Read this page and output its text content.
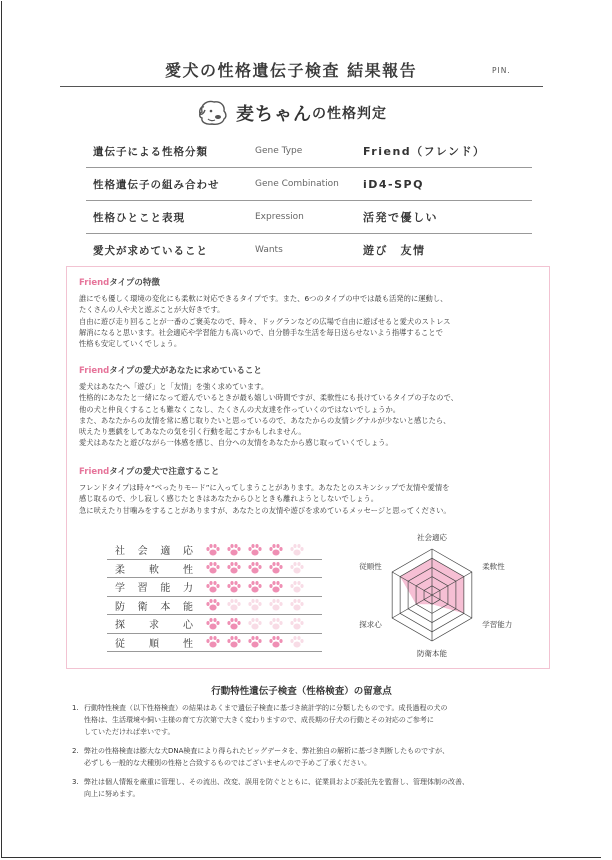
愛犬の性格遺伝子検査 結果報告	PIN.
麦ちゃん の性格判定
遺伝子による性格分類	Gene Type	Friend（フレンド）
性格遺伝子の組み合わせ	Gene Combination	iD4-SPQ
性格ひとこと表現	Expression	活発で優しい
愛犬が求めていること	Wants	遊び　友情
Friendタイプの特徴
誰にでも優しく環境の変化にも柔軟に対応できるタイプです。また、6つのタイプの中では最も活発的に運動し、
たくさんの人や犬と遊ぶことが大好きです。
自由に遊び走り回ることが一番のご褒美なので、時々、ドッグランなどの広場で自由に遊ばせると愛犬のストレス
解消になると思います。社会適応や学習能力も高いので、自分勝手な生活を毎日送らせないよう指導することで
性格も安定していくでしょう。
Friendタイプの愛犬があなたに求めていること
愛犬はあなたへ「遊び」と「友情」を強く求めています。
性格的にあなたと一緒になって遊んでいるときが最も嬉しい時間ですが、柔軟性にも長けているタイプの子なので、
他の犬と仲良くすることも難なくこなし、たくさんの犬友達を作っていくのではないでしょうか。
また、あなたからの友情を常に感じ取りたいと思っているので、あなたからの友情シグナルが少ないと感じたら、
吠えたり悪戯をしてあなたの気を引く行動を起こすかもしれません。
愛犬はあなたと遊びながら一体感を感じ、自分への友情をあなたから感じ取っていくでしょう。
Friendタイプの愛犬で注意すること
フレンドタイプは時々“べったりモード”に入ってしまうことがあります。あなたとのスキンシップで友情や愛情を
感じ取るので、少し寂しく感じたときはあなたからひとときも離れようとしないでしょう。
急に吠えたり甘噛みをすることがありますが、あなたとの友情や遊びを求めているメッセージと思ってください。
社 会 適 応
柔 軟 性
学 習 能 力
防 衛 本 能
探 求 心
従 順 性
社会適応
柔軟性
学習能力
防衛本能
探求心
従順性
行動特性遺伝子検査（性格検査）の留意点
1. 行動特性検査（以下性格検査）の結果はあくまで遺伝子検査に基づき統計学的に分類したものです。成長過程の犬の
性格は、生活環境や飼い主様の育て方次第で大きく変わりますので、成長期の仔犬の行動とその対応のご参考に
していただければ幸いです。
2. 弊社の性格検査は膨大な犬DNA検査により得られたビッグデータを、弊社独自の解析に基づき判断したものですが、
必ずしも一般的な犬種別の性格と合致するものではございませんので予めご了承ください。
3. 弊社は個人情報を厳重に管理し、その流出、改変、誤用を防ぐとともに、従業員および委託先を監督し、管理体制の改善、
向上に努めます。
